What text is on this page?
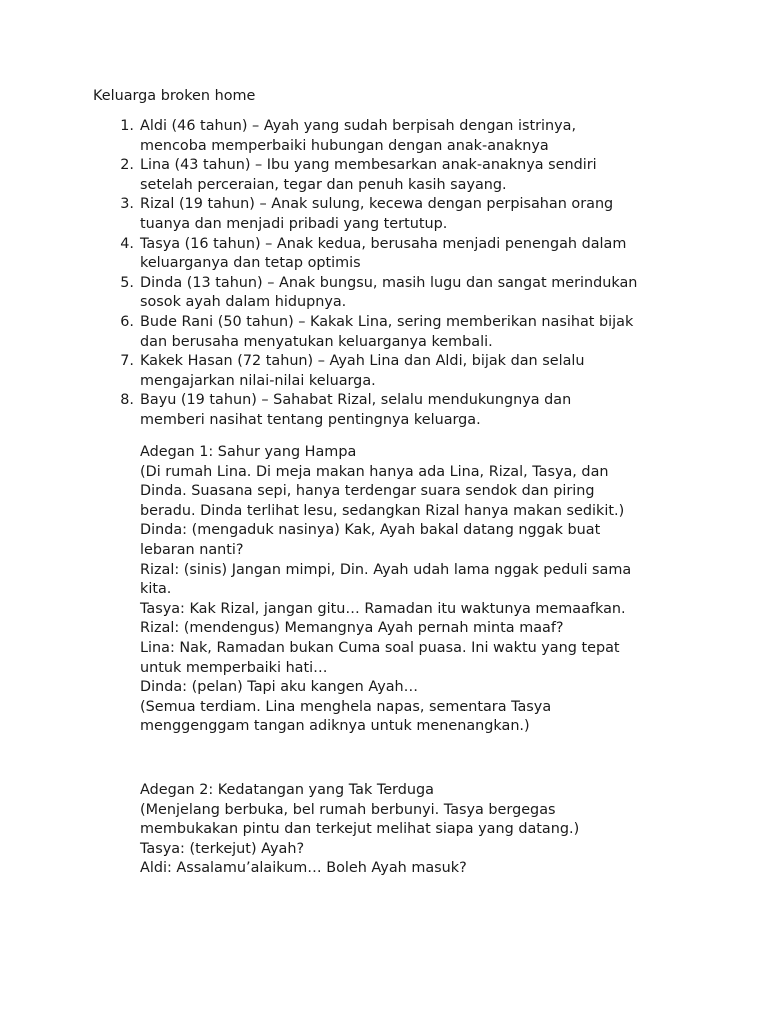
Keluarga broken home
1. Aldi (46 tahun) – Ayah yang sudah berpisah dengan istrinya,
mencoba memperbaiki hubungan dengan anak-anaknya
2. Lina (43 tahun) – Ibu yang membesarkan anak-anaknya sendiri
setelah perceraian, tegar dan penuh kasih sayang.
3. Rizal (19 tahun) – Anak sulung, kecewa dengan perpisahan orang
tuanya dan menjadi pribadi yang tertutup.
4. Tasya (16 tahun) – Anak kedua, berusaha menjadi penengah dalam
keluarganya dan tetap optimis
5. Dinda (13 tahun) – Anak bungsu, masih lugu dan sangat merindukan
sosok ayah dalam hidupnya.
6. Bude Rani (50 tahun) – Kakak Lina, sering memberikan nasihat bijak
dan berusaha menyatukan keluarganya kembali.
7. Kakek Hasan (72 tahun) – Ayah Lina dan Aldi, bijak dan selalu
mengajarkan nilai-nilai keluarga.
8. Bayu (19 tahun) – Sahabat Rizal, selalu mendukungnya dan
memberi nasihat tentang pentingnya keluarga.
Adegan 1: Sahur yang Hampa
(Di rumah Lina. Di meja makan hanya ada Lina, Rizal, Tasya, dan
Dinda. Suasana sepi, hanya terdengar suara sendok dan piring
beradu. Dinda terlihat lesu, sedangkan Rizal hanya makan sedikit.)
Dinda: (mengaduk nasinya) Kak, Ayah bakal datang nggak buat
lebaran nanti?
Rizal: (sinis) Jangan mimpi, Din. Ayah udah lama nggak peduli sama
kita.
Tasya: Kak Rizal, jangan gitu… Ramadan itu waktunya memaafkan.
Rizal: (mendengus) Memangnya Ayah pernah minta maaf?
Lina: Nak, Ramadan bukan Cuma soal puasa. Ini waktu yang tepat
untuk memperbaiki hati…
Dinda: (pelan) Tapi aku kangen Ayah…
(Semua terdiam. Lina menghela napas, sementara Tasya
menggenggam tangan adiknya untuk menenangkan.)
Adegan 2: Kedatangan yang Tak Terduga
(Menjelang berbuka, bel rumah berbunyi. Tasya bergegas
membukakan pintu dan terkejut melihat siapa yang datang.)
Tasya: (terkejut) Ayah?
Aldi: Assalamu’alaikum… Boleh Ayah masuk?
